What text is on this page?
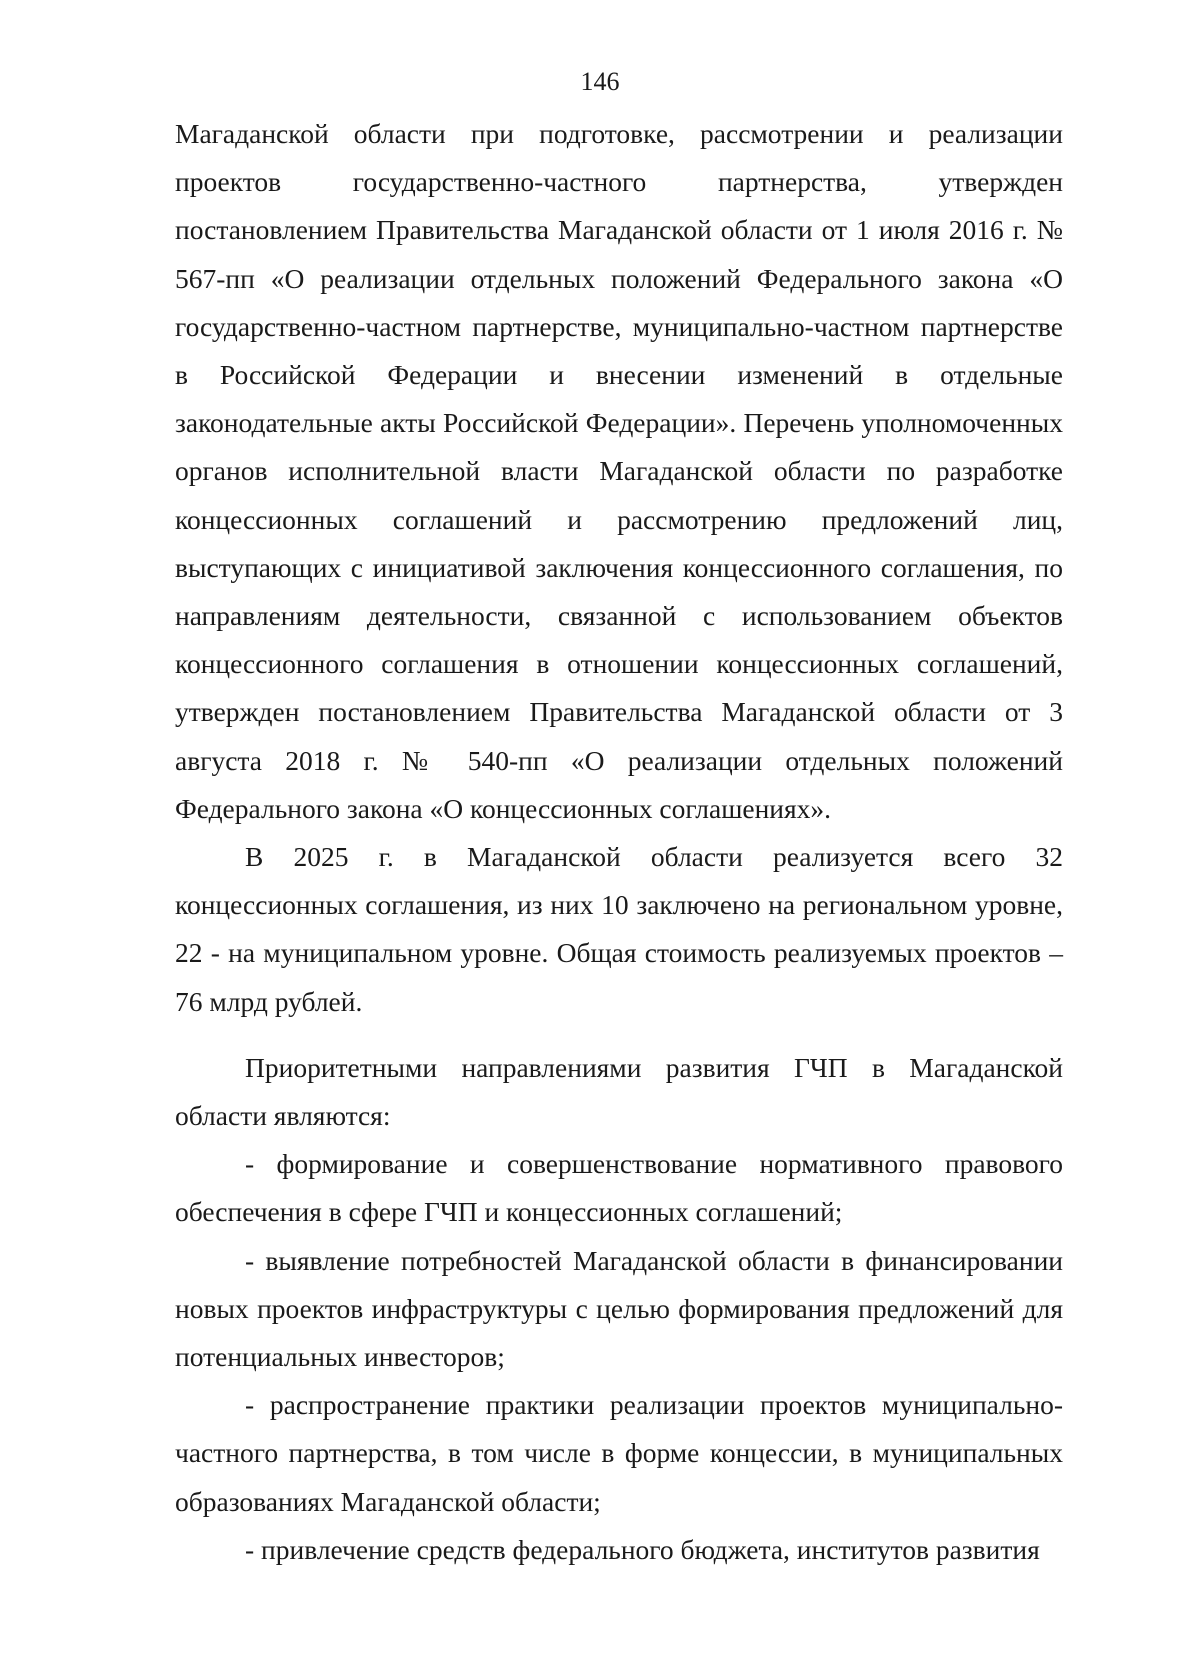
146

Магаданской области при подготовке, рассмотрении и реализации проектов государственно-частного партнерства, утвержден постановлением Правительства Магаданской области от 1 июля 2016 г. № 567-пп «О реализации отдельных положений Федерального закона «О государственно-частном партнерстве, муниципально-частном партнерстве в Российской Федерации и внесении изменений в отдельные законодательные акты Российской Федерации». Перечень уполномоченных органов исполнительной власти Магаданской области по разработке концессионных соглашений и рассмотрению предложений лиц, выступающих с инициативой заключения концессионного соглашения, по направлениям деятельности, связанной с использованием объектов концессионного соглашения в отношении концессионных соглашений, утвержден постановлением Правительства Магаданской области от 3 августа 2018 г. № 540-пп «О реализации отдельных положений Федерального закона «О концессионных соглашениях».

В 2025 г. в Магаданской области реализуется всего 32 концессионных соглашения, из них 10 заключено на региональном уровне, 22 - на муниципальном уровне. Общая стоимость реализуемых проектов – 76 млрд рублей.

Приоритетными направлениями развития ГЧП в Магаданской области являются:

- формирование и совершенствование нормативного правового обеспечения в сфере ГЧП и концессионных соглашений;

- выявление потребностей Магаданской области в финансировании новых проектов инфраструктуры с целью формирования предложений для потенциальных инвесторов;

- распространение практики реализации проектов муниципально-частного партнерства, в том числе в форме концессии, в муниципальных образованиях Магаданской области;

- привлечение средств федерального бюджета, институтов развития
